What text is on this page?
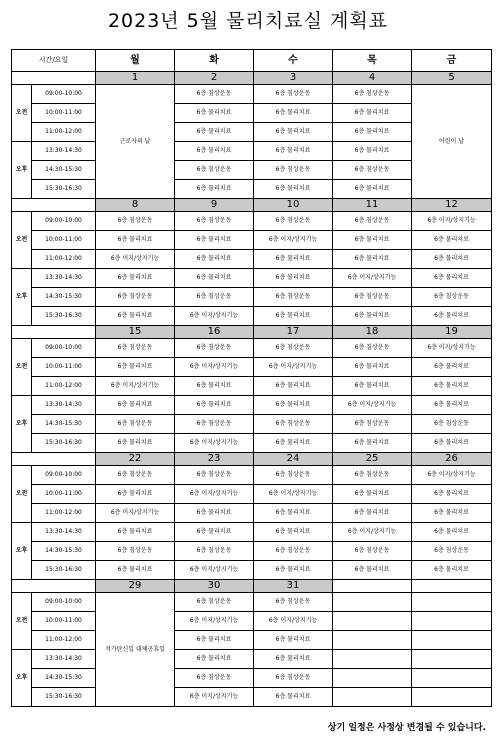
2023년 5월 물리치료실 계획표
시간/요일		월	화	수	목	금
		1	2	3	4	5
오전	09:00-10:00	근로자의 날	6층 침상운동	6층 침상운동	6층 침상운동	어린이 날
	10:00-11:00		6층 물리치료	6층 물리치료	6층 물리치료	
	11:00-12:00		6층 물리치료	6층 물리치료	6층 물리치료	
오후	13:30-14:30		6층 물리치료	6층 물리치료	6층 물리치료	
	14:30-15:30		6층 침상운동	6층 침상운동	6층 침상운동	
	15:30-16:30		6층 물리치료	6층 물리치료	6층 물리치료	
		8	9	10	11	12
오전	09:00-10:00	6층 침상운동	6층 침상운동	6층 침상운동	6층 침상운동	6층 이지/상지기능
	10:00-11:00	6층 물리치료	6층 물리치료	6층 이지/상지기능	6층 물리치료	6층 물리치료
	11:00-12:00	6층 이지/상지기능	6층 물리치료	6층 물리치료	6층 물리치료	6층 물리치료
오후	13:30-14:30	6층 물리치료	6층 물리치료	6층 물리치료	6층 이지/상지기능	6층 물리치료
	14:30-15:30	6층 침상운동	6층 침상운동	6층 침상운동	6층 침상운동	6층 침상운동
	15:30-16:30	6층 물리치료	6층 이지/상지기능	6층 물리치료	6층 물리치료	6층 물리치료
		15	16	17	18	19
오전	09:00-10:00	6층 침상운동	6층 침상운동	6층 침상운동	6층 침상운동	6층 이지/상지기능
	10:00-11:00	6층 물리치료	6층 이지/상지기능	6층 이지/상지기능	6층 물리치료	6층 물리치료
	11:00-12:00	6층 이지/상지기능	6층 물리치료	6층 물리치료	6층 물리치료	6층 물리치료
오후	13:30-14:30	6층 물리치료	6층 물리치료	6층 물리치료	6층 이지/상지기능	6층 물리치료
	14:30-15:30	6층 침상운동	6층 침상운동	6층 침상운동	6층 침상운동	6층 침상운동
	15:30-16:30	6층 물리치료	6층 이지/상지기능	6층 물리치료	6층 물리치료	6층 물리치료
		22	23	24	25	26
오전	09:00-10:00	6층 침상운동	6층 침상운동	6층 침상운동	6층 침상운동	6층 이지/상지기능
	10:00-11:00	6층 물리치료	6층 이지/상지기능	6층 이지/상지기능	6층 물리치료	6층 물리치료
	11:00-12:00	6층 이지/상지기능	6층 물리치료	6층 물리치료	6층 물리치료	6층 물리치료
오후	13:30-14:30	6층 물리치료	6층 물리치료	6층 물리치료	6층 이지/상지기능	6층 물리치료
	14:30-15:30	6층 침상운동	6층 침상운동	6층 침상운동	6층 침상운동	6층 침상운동
	15:30-16:30	6층 물리치료	6층 이지/상지기능	6층 물리치료	6층 물리치료	6층 물리치료
		29	30	31		
오전	09:00-10:00	석가탄신일 대체공휴일	6층 침상운동	6층 침상운동		
	10:00-11:00		6층 이지/상지기능	6층 이지/상지기능		
	11:00-12:00		6층 물리치료	6층 물리치료		
오후	13:30-14:30		6층 물리치료	6층 물리치료		
	14:30-15:30		6층 침상운동	6층 침상운동		
	15:30-16:30		6층 이지/상지기능	6층 물리치료		
상기 일정은 사정상 변경될 수 있습니다.
